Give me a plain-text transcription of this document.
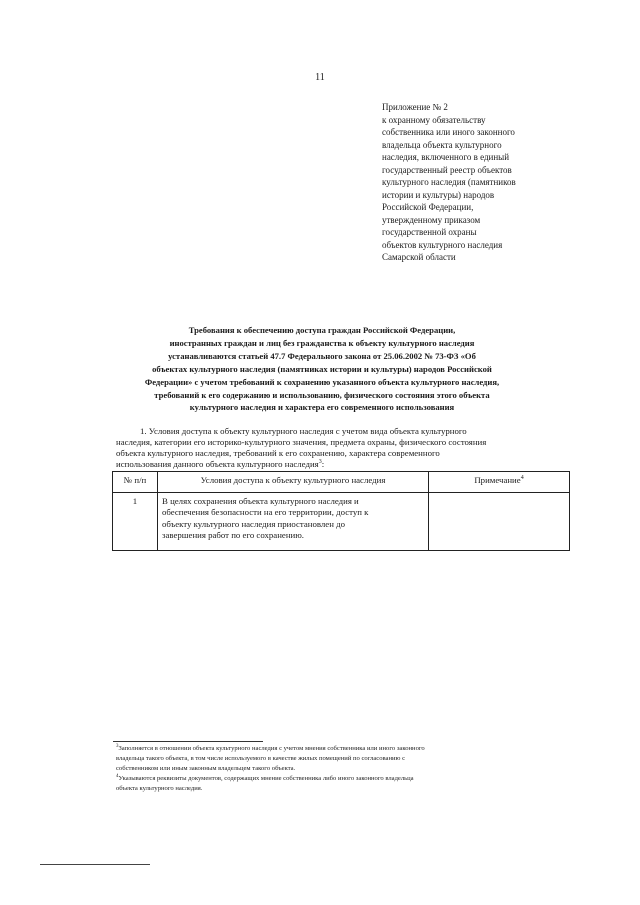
11
Приложение № 2
к охранному обязательству
собственника или иного законного
владельца объекта культурного
наследия, включенного в единый
государственный реестр объектов
культурного наследия (памятников
истории и культуры) народов
Российской Федерации,
утвержденному приказом
государственной охраны
объектов культурного наследия
Самарской области
Требования к обеспечению доступа граждан Российской Федерации,
иностранных граждан и лиц без гражданства к объекту культурного наследия
устанавливаются статьей 47.7 Федерального закона от 25.06.2002 № 73-ФЗ «Об
объектах культурного наследия (памятниках истории и культуры) народов Российской
Федерации» с учетом требований к сохранению указанного объекта культурного наследия,
требований к его содержанию и использованию, физического состояния этого объекта
культурного наследия и характера его современного использования
1. Условия доступа к объекту культурного наследия с учетом вида объекта культурного
наследия, категории его историко-культурного значения, предмета охраны, физического состояния
объекта культурного наследия, требований к его сохранению, характера современного
использования данного объекта культурного наследия$^3$:
№ п/п	Условия доступа к объекту культурного наследия	Примечание$^4$
1	В целях сохранения объекта культурного наследия и
обеспечения безопасности на его территории, доступ к
объекту культурного наследия приостановлен до
завершения работ по его сохранению.	

$^3$Заполняется в отношении объекта культурного наследия с учетом мнения собственника или иного законного
владельца такого объекта, в том числе используемого в качестве жилых помещений по согласованию с
собственником или иным законным владельцем такого объекта.
$^4$Указываются реквизиты документов, содержащих мнение собственника либо иного законного владельца
объекта культурного наследия.
